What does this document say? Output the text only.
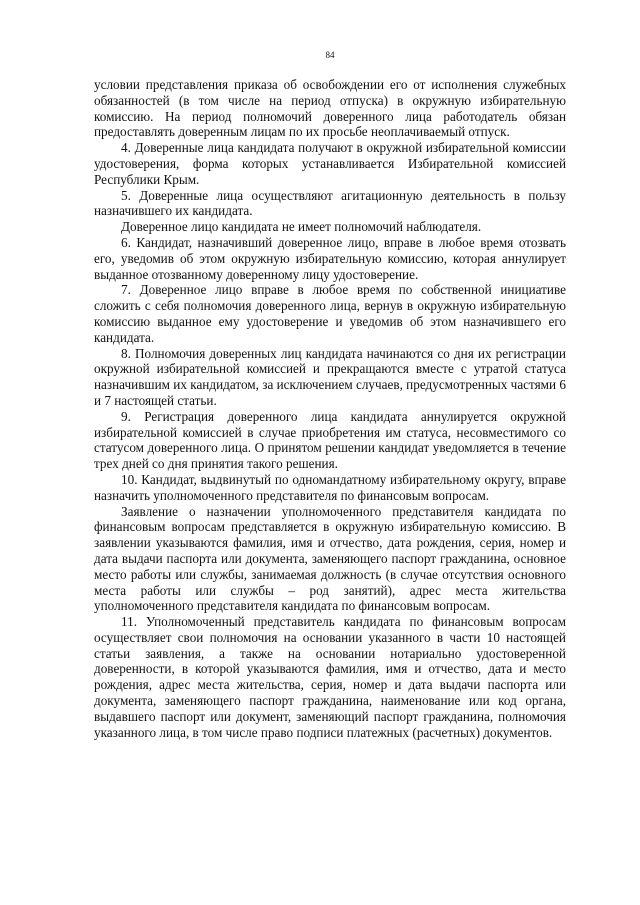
84

условии представления приказа об освобождении его от исполнения служебных обязанностей (в том числе на период отпуска) в окружную избирательную комиссию. На период полномочий доверенного лица работодатель обязан предоставлять доверенным лицам по их просьбе неоплачиваемый отпуск.

4. Доверенные лица кандидата получают в окружной избирательной комиссии удостоверения, форма которых устанавливается Избирательной комиссией Республики Крым.

5. Доверенные лица осуществляют агитационную деятельность в пользу назначившего их кандидата.

Доверенное лицо кандидата не имеет полномочий наблюдателя.

6. Кандидат, назначивший доверенное лицо, вправе в любое время отозвать его, уведомив об этом окружную избирательную комиссию, которая аннулирует выданное отозванному доверенному лицу удостоверение.

7. Доверенное лицо вправе в любое время по собственной инициативе сложить с себя полномочия доверенного лица, вернув в окружную избирательную комиссию выданное ему удостоверение и уведомив об этом назначившего его кандидата.

8. Полномочия доверенных лиц кандидата начинаются со дня их регистрации окружной избирательной комиссией и прекращаются вместе с утратой статуса назначившим их кандидатом, за исключением случаев, предусмотренных частями 6 и 7 настоящей статьи.

9. Регистрация доверенного лица кандидата аннулируется окружной избирательной комиссией в случае приобретения им статуса, несовместимого со статусом доверенного лица. О принятом решении кандидат уведомляется в течение трех дней со дня принятия такого решения.

10. Кандидат, выдвинутый по одномандатному избирательному округу, вправе назначить уполномоченного представителя по финансовым вопросам.

Заявление о назначении уполномоченного представителя кандидата по финансовым вопросам представляется в окружную избирательную комиссию. В заявлении указываются фамилия, имя и отчество, дата рождения, серия, номер и дата выдачи паспорта или документа, заменяющего паспорт гражданина, основное место работы или службы, занимаемая должность (в случае отсутствия основного места работы или службы – род занятий), адрес места жительства уполномоченного представителя кандидата по финансовым вопросам.

11. Уполномоченный представитель кандидата по финансовым вопросам осуществляет свои полномочия на основании указанного в части 10 настоящей статьи заявления, а также на основании нотариально удостоверенной доверенности, в которой указываются фамилия, имя и отчество, дата и место рождения, адрес места жительства, серия, номер и дата выдачи паспорта или документа, заменяющего паспорт гражданина, наименование или код органа, выдавшего паспорт или документ, заменяющий паспорт гражданина, полномочия указанного лица, в том числе право подписи платежных (расчетных) документов.
